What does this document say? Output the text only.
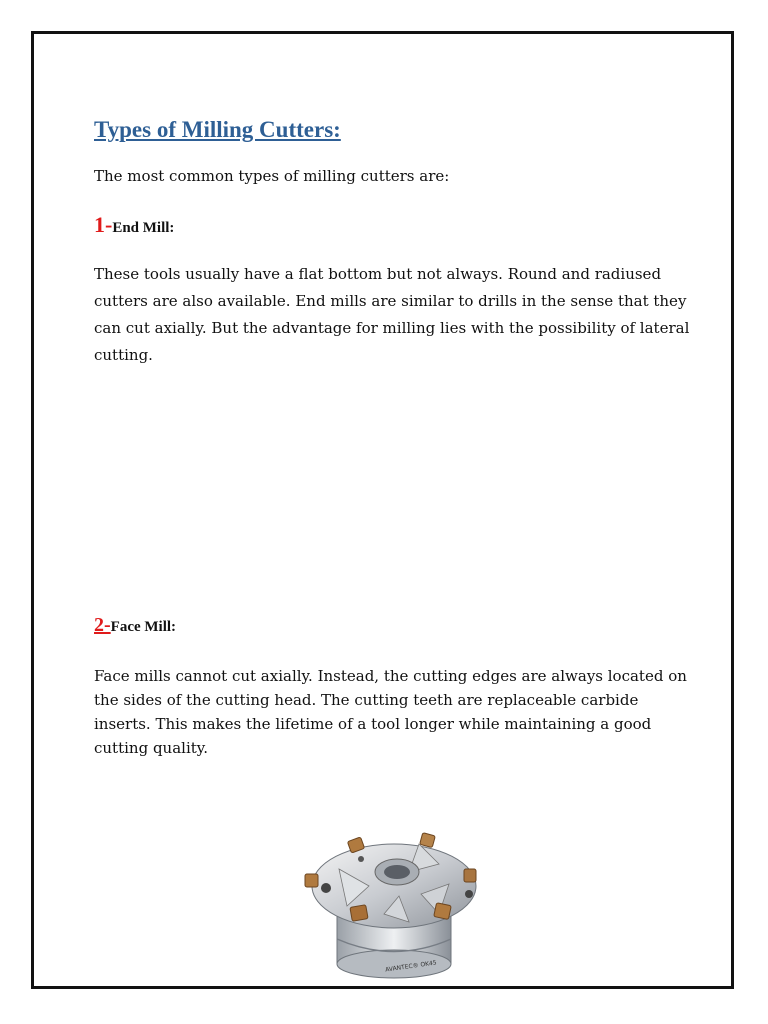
Types of Milling Cutters:

The most common types of milling cutters are:

1-End Mill:

These tools usually have a flat bottom but not always. Round and radiused cutters are also available. End mills are similar to drills in the sense that they can cut axially. But the advantage for milling lies with the possibility of lateral cutting.

2-Face Mill:

Face mills cannot cut axially. Instead, the cutting edges are always located on the sides of the cutting head. The cutting teeth are replaceable carbide inserts. This makes the lifetime of a tool longer while maintaining a good cutting quality.

AVANTEC® OK45
